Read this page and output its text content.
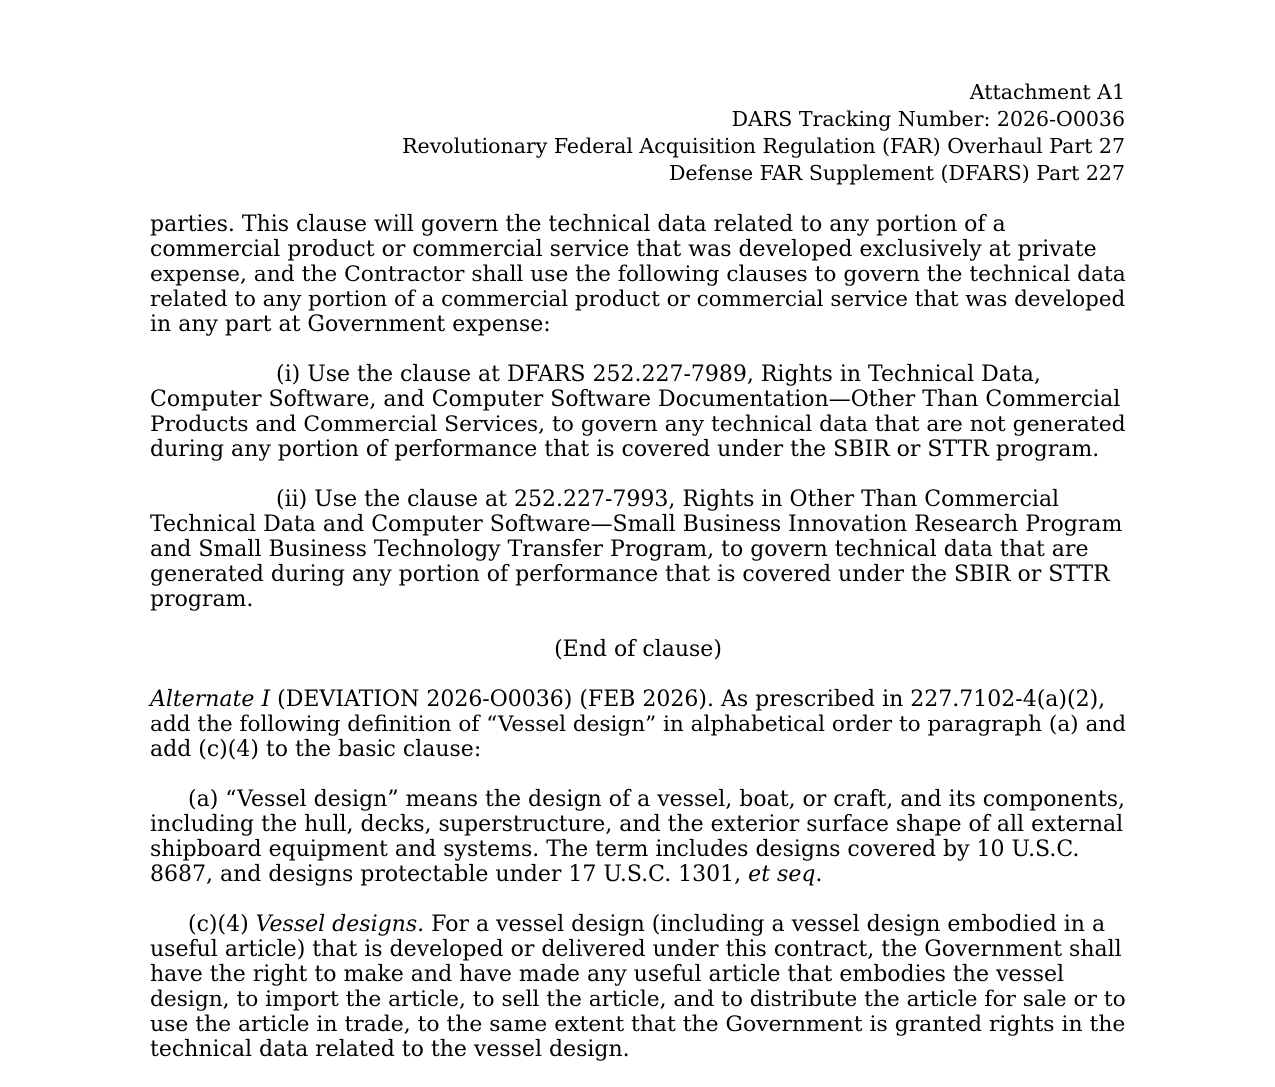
Attachment A1
DARS Tracking Number: 2026-O0036
Revolutionary Federal Acquisition Regulation (FAR) Overhaul Part 27
Defense FAR Supplement (DFARS) Part 227
parties. This clause will govern the technical data related to any portion of a
commercial product or commercial service that was developed exclusively at private
expense, and the Contractor shall use the following clauses to govern the technical data
related to any portion of a commercial product or commercial service that was developed
in any part at Government expense:
(i) Use the clause at DFARS 252.227-7989, Rights in Technical Data,
Computer Software, and Computer Software Documentation—Other Than Commercial
Products and Commercial Services, to govern any technical data that are not generated
during any portion of performance that is covered under the SBIR or STTR program.
(ii) Use the clause at 252.227-7993, Rights in Other Than Commercial
Technical Data and Computer Software—Small Business Innovation Research Program
and Small Business Technology Transfer Program, to govern technical data that are
generated during any portion of performance that is covered under the SBIR or STTR
program.
(End of clause)
Alternate I (DEVIATION 2026-O0036) (FEB 2026). As prescribed in 227.7102-4(a)(2),
add the following definition of “Vessel design” in alphabetical order to paragraph (a) and
add (c)(4) to the basic clause:
(a) “Vessel design” means the design of a vessel, boat, or craft, and its components,
including the hull, decks, superstructure, and the exterior surface shape of all external
shipboard equipment and systems. The term includes designs covered by 10 U.S.C.
8687, and designs protectable under 17 U.S.C. 1301, et seq.
(c)(4) Vessel designs. For a vessel design (including a vessel design embodied in a
useful article) that is developed or delivered under this contract, the Government shall
have the right to make and have made any useful article that embodies the vessel
design, to import the article, to sell the article, and to distribute the article for sale or to
use the article in trade, to the same extent that the Government is granted rights in the
technical data related to the vessel design.
